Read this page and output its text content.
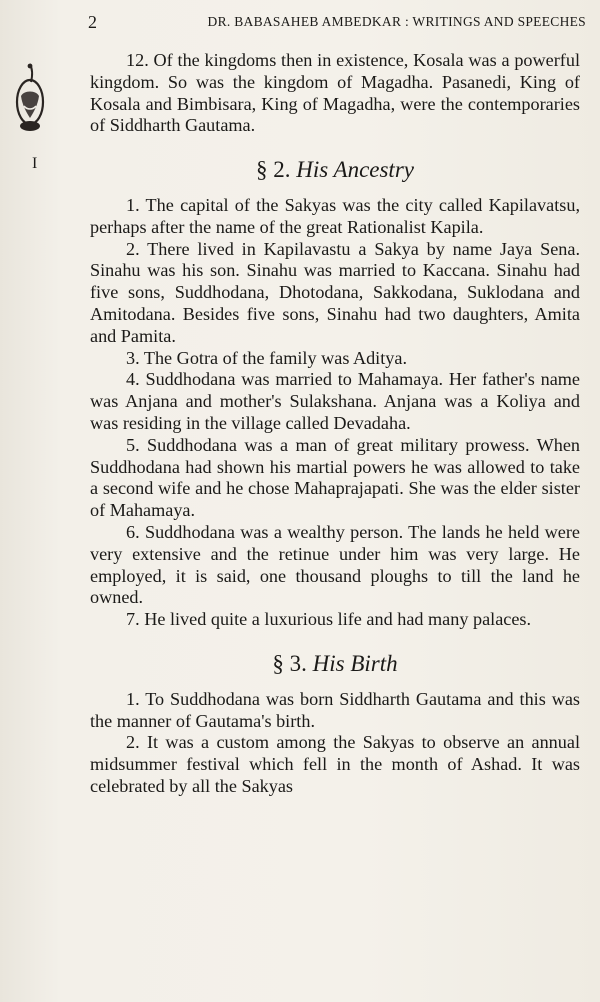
2	DR. BABASAHEB AMBEDKAR : WRITINGS AND SPEECHES
I

12. Of the kingdoms then in existence, Kosala was a powerful kingdom. So was the kingdom of Magadha. Pasanedi, King of Kosala and Bimbisara, King of Magadha, were the contemporaries of Siddharth Gautama.

§ 2. His Ancestry

1. The capital of the Sakyas was the city called Kapilavatsu, perhaps after the name of the great Rationalist Kapila.

2. There lived in Kapilavastu a Sakya by name Jaya Sena. Sinahu was his son. Sinahu was married to Kaccana. Sinahu had five sons, Suddhodana, Dhotodana, Sakkodana, Suklodana and Amitodana. Besides five sons, Sinahu had two daughters, Amita and Pamita.

3. The Gotra of the family was Aditya.

4. Suddhodana was married to Mahamaya. Her father's name was Anjana and mother's Sulakshana. Anjana was a Koliya and was residing in the village called Devadaha.

5. Suddhodana was a man of great military prowess. When Suddhodana had shown his martial powers he was allowed to take a second wife and he chose Mahaprajapati. She was the elder sister of Mahamaya.

6. Suddhodana was a wealthy person. The lands he held were very extensive and the retinue under him was very large. He employed, it is said, one thousand ploughs to till the land he owned.

7. He lived quite a luxurious life and had many palaces.

§ 3. His Birth

1. To Suddhodana was born Siddharth Gautama and this was the manner of Gautama's birth.

2. It was a custom among the Sakyas to observe an annual midsummer festival which fell in the month of Ashad. It was celebrated by all the Sakyas
